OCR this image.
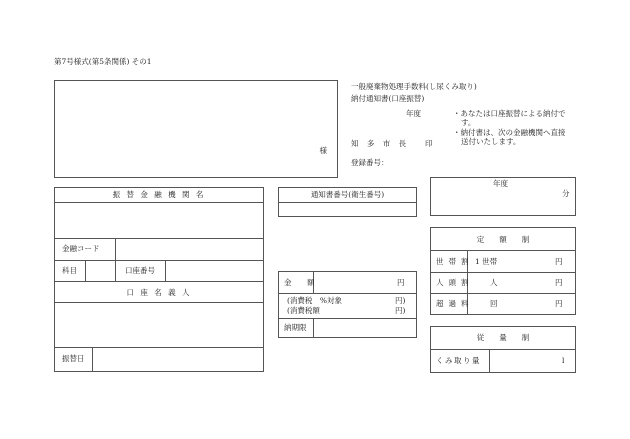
第7号様式(第5条関係) その1
様
一般廃棄物処理手数料(し尿くみ取り)
納付通知書(口座振替)
年度	・あなたは口座振替による納付で
す。
・納付書は、次の金融機関へ直接
送付いたします。
知 多 市 長 印
登録番号：
振 替 金 融 機 関 名
金融コード
科目	口座番号
口 座 名 義 人
振替日
通知書番号(衛生番号)
金　額	円
(消費税　%対象	円)
(消費税額	円)
納期限
年度
分
定　　額　　制
世帯割 1 世帯	円
人頭割 人	円
超過料 回	円
従　　量　　制
くみ取り量	l
